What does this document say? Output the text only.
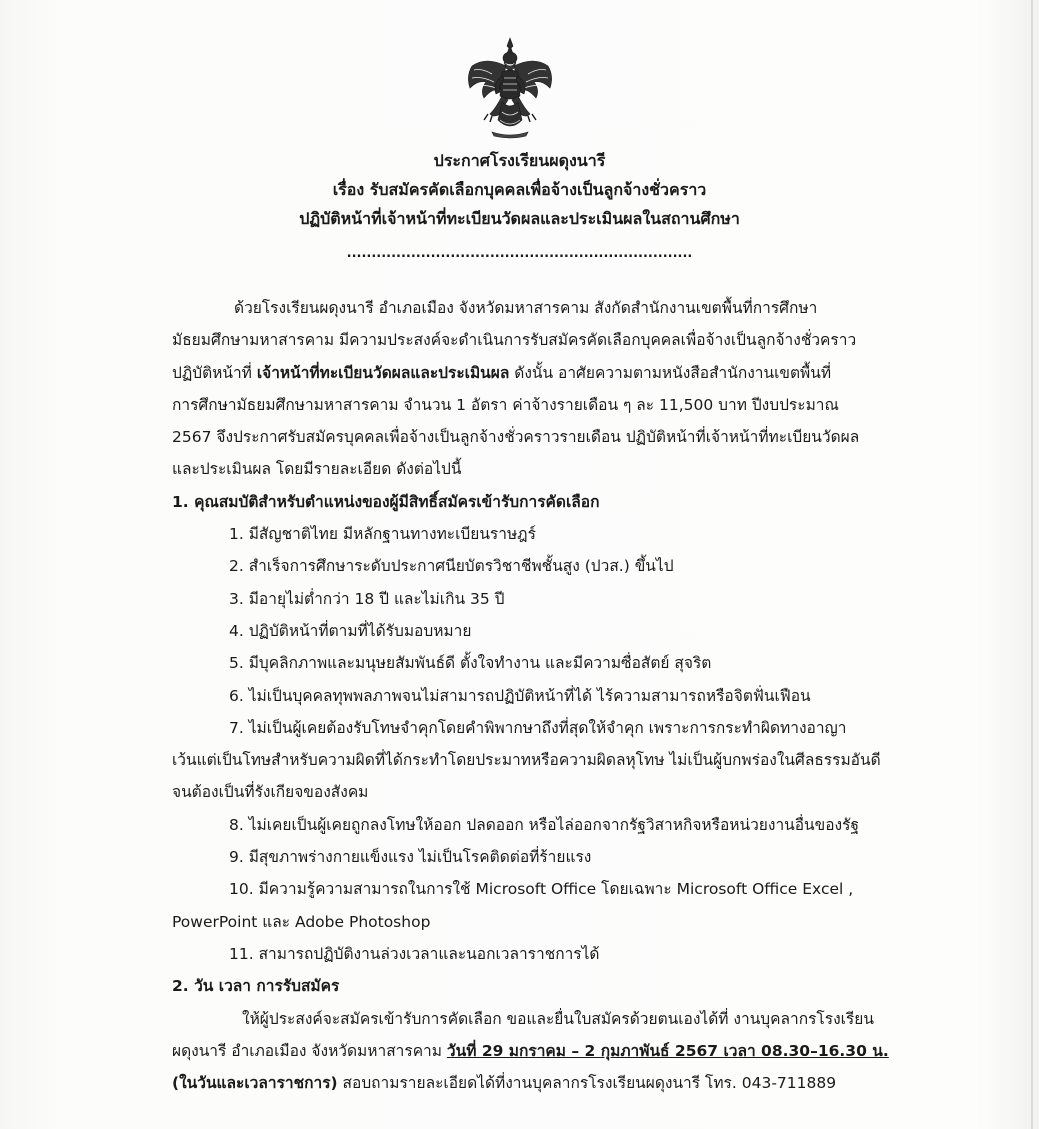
ประกาศโรงเรียนผดุงนารี
เรื่อง รับสมัครคัดเลือกบุคคลเพื่อจ้างเป็นลูกจ้างชั่วคราว
ปฏิบัติหน้าที่เจ้าหน้าที่ทะเบียนวัดผลและประเมินผลในสถานศึกษา
......................................................................
ด้วยโรงเรียนผดุงนารี อำเภอเมือง จังหวัดมหาสารคาม สังกัดสำนักงานเขตพื้นที่การศึกษา
มัธยมศึกษามหาสารคาม มีความประสงค์จะดำเนินการรับสมัครคัดเลือกบุคคลเพื่อจ้างเป็นลูกจ้างชั่วคราว
ปฏิบัติหน้าที่ เจ้าหน้าที่ทะเบียนวัดผลและประเมินผล ดังนั้น อาศัยความตามหนังสือสำนักงานเขตพื้นที่
การศึกษามัธยมศึกษามหาสารคาม จำนวน 1 อัตรา ค่าจ้างรายเดือน ๆ ละ 11,500 บาท ปีงบประมาณ
2567 จึงประกาศรับสมัครบุคคลเพื่อจ้างเป็นลูกจ้างชั่วคราวรายเดือน ปฏิบัติหน้าที่เจ้าหน้าที่ทะเบียนวัดผล
และประเมินผล โดยมีรายละเอียด ดังต่อไปนี้
1. คุณสมบัติสำหรับตำแหน่งของผู้มีสิทธิ์สมัครเข้ารับการคัดเลือก
1. มีสัญชาติไทย มีหลักฐานทางทะเบียนราษฎร์
2. สำเร็จการศึกษาระดับประกาศนียบัตรวิชาชีพชั้นสูง (ปวส.) ขึ้นไป
3. มีอายุไม่ต่ำกว่า 18 ปี และไม่เกิน 35 ปี
4. ปฏิบัติหน้าที่ตามที่ได้รับมอบหมาย
5. มีบุคลิกภาพและมนุษยสัมพันธ์ดี ตั้งใจทำงาน และมีความซื่อสัตย์ สุจริต
6. ไม่เป็นบุคคลทุพพลภาพจนไม่สามารถปฏิบัติหน้าที่ได้ ไร้ความสามารถหรือจิตฟั่นเฟือน
7. ไม่เป็นผู้เคยต้องรับโทษจำคุกโดยคำพิพากษาถึงที่สุดให้จำคุก เพราะการกระทำผิดทางอาญา
เว้นแต่เป็นโทษสำหรับความผิดที่ได้กระทำโดยประมาทหรือความผิดลหุโทษ ไม่เป็นผู้บกพร่องในศีลธรรมอันดี
จนต้องเป็นที่รังเกียจของสังคม
8. ไม่เคยเป็นผู้เคยถูกลงโทษให้ออก ปลดออก หรือไล่ออกจากรัฐวิสาหกิจหรือหน่วยงานอื่นของรัฐ
9. มีสุขภาพร่างกายแข็งแรง ไม่เป็นโรคติดต่อที่ร้ายแรง
10. มีความรู้ความสามารถในการใช้ Microsoft Office โดยเฉพาะ Microsoft Office Excel ,
PowerPoint และ Adobe Photoshop
11. สามารถปฏิบัติงานล่วงเวลาและนอกเวลาราชการได้
2. วัน เวลา การรับสมัคร
ให้ผู้ประสงค์จะสมัครเข้ารับการคัดเลือก ขอและยื่นใบสมัครด้วยตนเองได้ที่ งานบุคลากรโรงเรียน
ผดุงนารี อำเภอเมือง จังหวัดมหาสารคาม วันที่ 29 มกราคม – 2 กุมภาพันธ์ 2567 เวลา 08.30–16.30 น.
(ในวันและเวลาราชการ) สอบถามรายละเอียดได้ที่งานบุคลากรโรงเรียนผดุงนารี โทร. 043-711889
